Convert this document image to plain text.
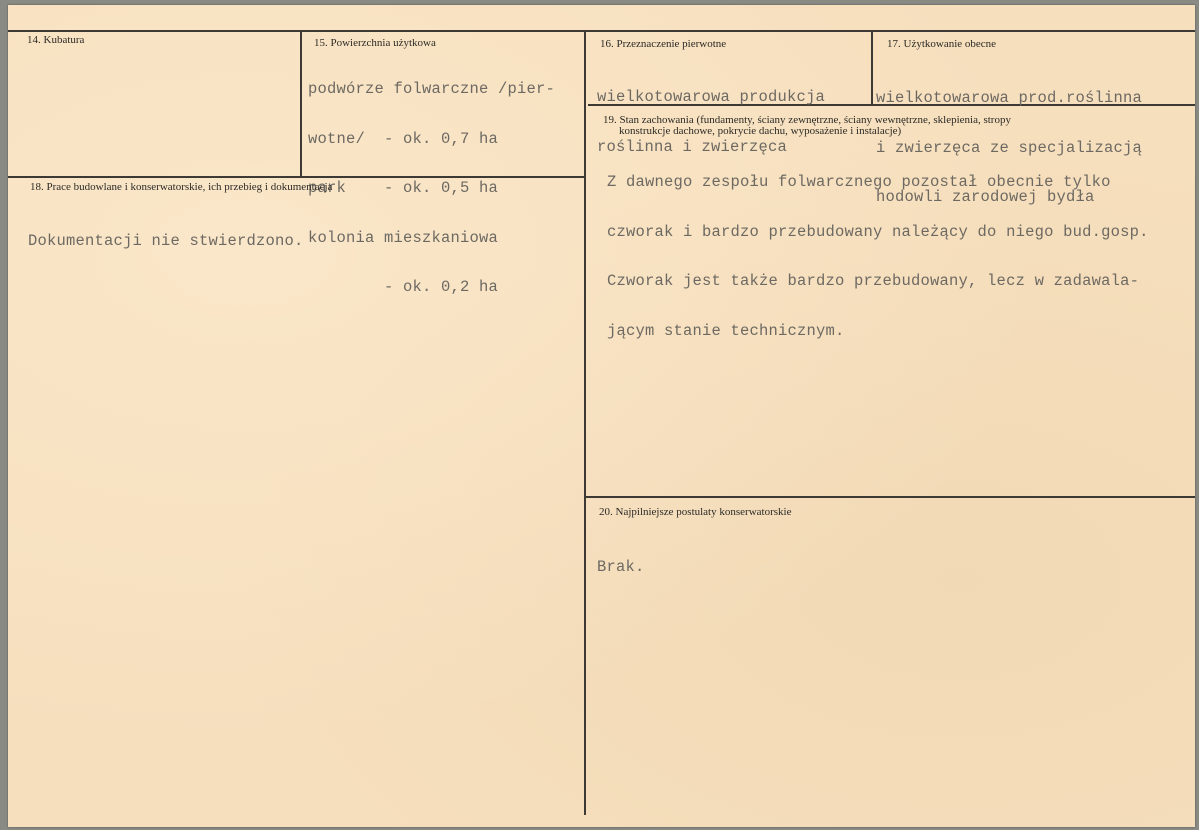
14. Kubatura	15. Powierzchnia użytkowa

podwórze folwarczne /pier-

wotne/  - ok. 0,7 ha

park    - ok. 0,5 ha

kolonia mieszkaniowa

- ok. 0,2 ha

16. Przeznaczenie pierwotne

wielkotowarowa produkcja

roślinna i zwierzęca

17. Użytkowanie obecne

wielkotowarowa prod.roślinna

i zwierzęca ze specjalizacją

hodowli zarodowej bydła

18. Prace budowlane i konserwatorskie, ich przebieg i dokumentacja

Dokumentacji nie stwierdzono.

19. Stan zachowania (fundamenty, ściany zewnętrzne, ściany wewnętrzne, sklepienia, stropy
konstrukcje dachowe, pokrycie dachu, wyposażenie i instalacje)

Z dawnego zespołu folwarcznego pozostał obecnie tylko

czworak i bardzo przebudowany należący do niego bud.gosp.

Czworak jest także bardzo przebudowany, lecz w zadawala-

jącym stanie technicznym.

20. Najpilniejsze postulaty konserwatorskie

Brak.
